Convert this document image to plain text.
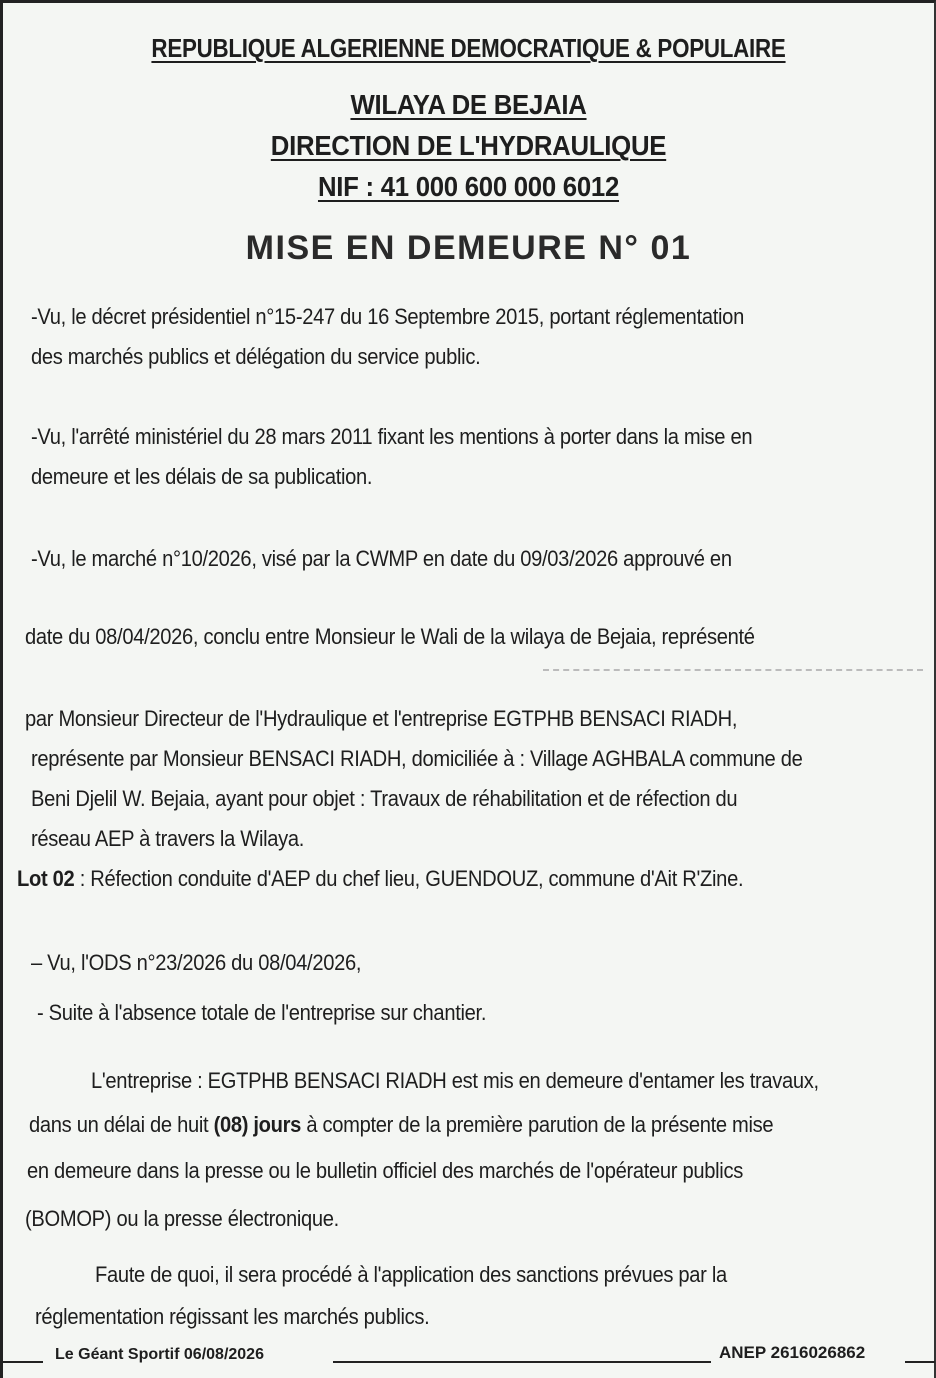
REPUBLIQUE ALGERIENNE DEMOCRATIQUE & POPULAIRE
WILAYA DE BEJAIA
DIRECTION DE L'HYDRAULIQUE
NIF : 41 000 600 000 6012
MISE EN DEMEURE N° 01
-Vu, le décret présidentiel n°15-247 du 16 Septembre 2015, portant réglementation
des marchés publics et délégation du service public.
-Vu, l'arrêté ministériel du 28 mars 2011 fixant les mentions à porter dans la mise en
demeure et les délais de sa publication.
-Vu, le marché n°10/2026, visé par la CWMP en date du 09/03/2026 approuvé en
date du 08/04/2026, conclu entre Monsieur le Wali de la wilaya de Bejaia, représenté
par Monsieur Directeur de l'Hydraulique et l'entreprise EGTPHB BENSACI RIADH,
représente par Monsieur BENSACI RIADH, domiciliée à : Village AGHBALA commune de
Beni Djelil W. Bejaia, ayant pour objet : Travaux de réhabilitation et de réfection du
réseau AEP à travers la Wilaya.
Lot 02 : Réfection conduite d'AEP du chef lieu, GUENDOUZ, commune d'Ait R'Zine.
– Vu, l'ODS n°23/2026 du 08/04/2026,
- Suite à l'absence totale de l'entreprise sur chantier.
L'entreprise : EGTPHB BENSACI RIADH est mis en demeure d'entamer les travaux,
dans un délai de huit (08) jours à compter de la première parution de la présente mise
en demeure dans la presse ou le bulletin officiel des marchés de l'opérateur publics
(BOMOP) ou la presse électronique.
Faute de quoi, il sera procédé à l'application des sanctions prévues par la
réglementation régissant les marchés publics.
Le Géant Sportif 06/08/2026	ANEP 2616026862
